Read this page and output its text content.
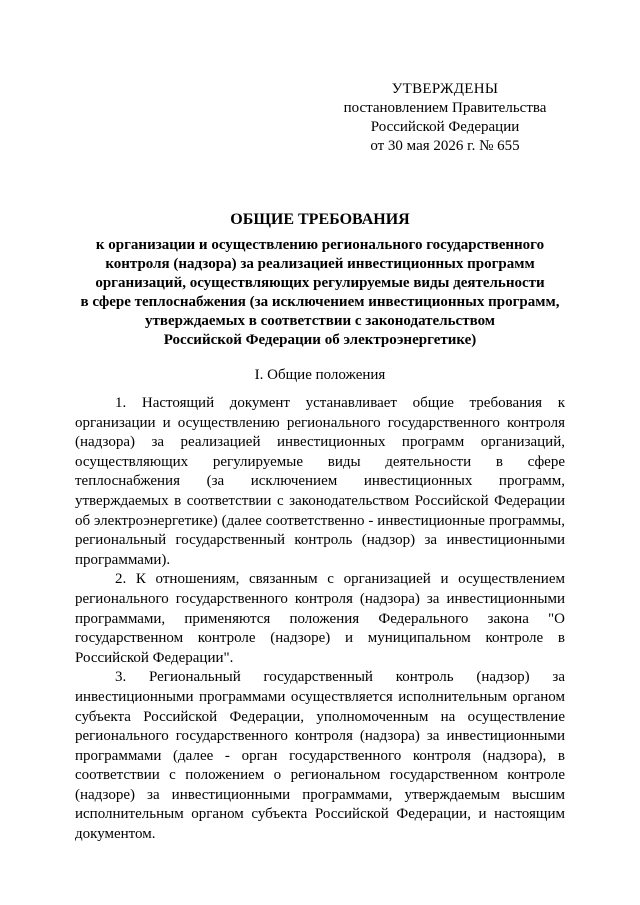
УТВЕРЖДЕНЫ
постановлением Правительства
Российской Федерации
от 30 мая 2026 г. № 655
ОБЩИЕ ТРЕБОВАНИЯ
к организации и осуществлению регионального государственного
контроля (надзора) за реализацией инвестиционных программ
организаций, осуществляющих регулируемые виды деятельности
в сфере теплоснабжения (за исключением инвестиционных программ,
утверждаемых в соответствии с законодательством
Российской Федерации об электроэнергетике)
I. Общие положения

1. Настоящий документ устанавливает общие требования к организации и осуществлению регионального государственного контроля (надзора) за реализацией инвестиционных программ организаций, осуществляющих регулируемые виды деятельности в сфере теплоснабжения (за исключением инвестиционных программ, утверждаемых в соответствии с законодательством Российской Федерации об электроэнергетике) (далее соответственно - инвестиционные программы, региональный государственный контроль (надзор) за инвестиционными программами).

2. К отношениям, связанным с организацией и осуществлением регионального государственного контроля (надзора) за инвестиционными программами, применяются положения Федерального закона "О государственном контроле (надзоре) и муниципальном контроле в Российской Федерации".

3. Региональный государственный контроль (надзор) за инвестиционными программами осуществляется исполнительным органом субъекта Российской Федерации, уполномоченным на осуществление регионального государственного контроля (надзора) за инвестиционными программами (далее - орган государственного контроля (надзора), в соответствии с положением о региональном государственном контроле (надзоре) за инвестиционными программами, утверждаемым высшим исполнительным органом субъекта Российской Федерации, и настоящим документом.
